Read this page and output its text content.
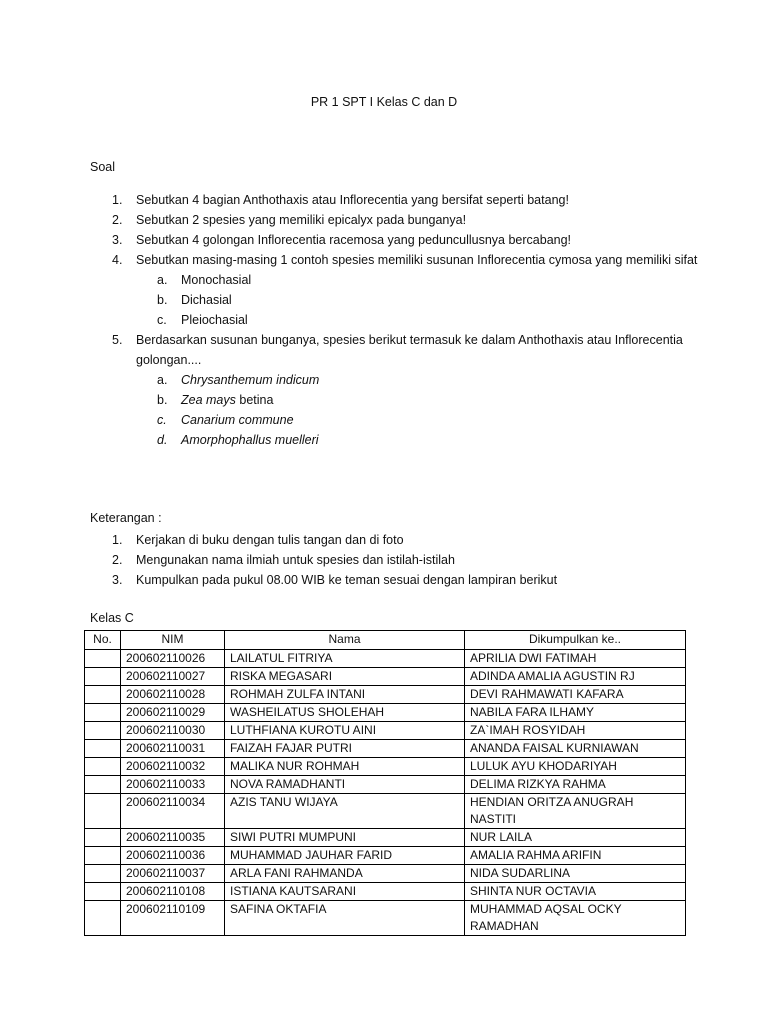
PR 1 SPT I Kelas C dan D
Soal
1.	Sebutkan 4 bagian Anthothaxis atau Inflorecentia yang bersifat seperti batang!
2.	Sebutkan 2 spesies yang memiliki epicalyx pada bunganya!
3.	Sebutkan 4 golongan Inflorecentia racemosa yang peduncullusnya bercabang!
4.	Sebutkan masing-masing 1 contoh spesies memiliki susunan Inflorecentia cymosa yang memiliki sifat
a.	Monochasial
b.	Dichasial
c.	Pleiochasial
5.	Berdasarkan susunan bunganya, spesies berikut termasuk ke dalam Anthothaxis atau Inflorecentia golongan....
a.	Chrysanthemum indicum
b.	Zea mays betina
c.	Canarium commune
d.	Amorphophallus muelleri
Keterangan :
1.	Kerjakan di buku dengan tulis tangan dan di foto
2.	Mengunakan nama ilmiah untuk spesies dan istilah-istilah
3.	Kumpulkan pada pukul 08.00 WIB ke teman sesuai dengan lampiran berikut
Kelas C
No.	NIM	Nama	Dikumpulkan ke..
	200602110026	LAILATUL FITRIYA	APRILIA DWI FATIMAH
	200602110027	RISKA MEGASARI	ADINDA AMALIA AGUSTIN RJ
	200602110028	ROHMAH ZULFA INTANI	DEVI RAHMAWATI KAFARA
	200602110029	WASHEILATUS SHOLEHAH	NABILA FARA ILHAMY
	200602110030	LUTHFIANA KUROTU AINI	ZA`IMAH ROSYIDAH
	200602110031	FAIZAH FAJAR PUTRI	ANANDA FAISAL KURNIAWAN
	200602110032	MALIKA NUR ROHMAH	LULUK AYU KHODARIYAH
	200602110033	NOVA RAMADHANTI	DELIMA RIZKYA RAHMA
	200602110034	AZIS TANU WIJAYA	HENDIAN ORITZA ANUGRAH NASTITI
	200602110035	SIWI PUTRI MUMPUNI	NUR LAILA
	200602110036	MUHAMMAD JAUHAR FARID	AMALIA RAHMA ARIFIN
	200602110037	ARLA FANI RAHMANDA	NIDA SUDARLINA
	200602110108	ISTIANA KAUTSARANI	SHINTA NUR OCTAVIA
	200602110109	SAFINA OKTAFIA	MUHAMMAD AQSAL OCKY RAMADHAN
